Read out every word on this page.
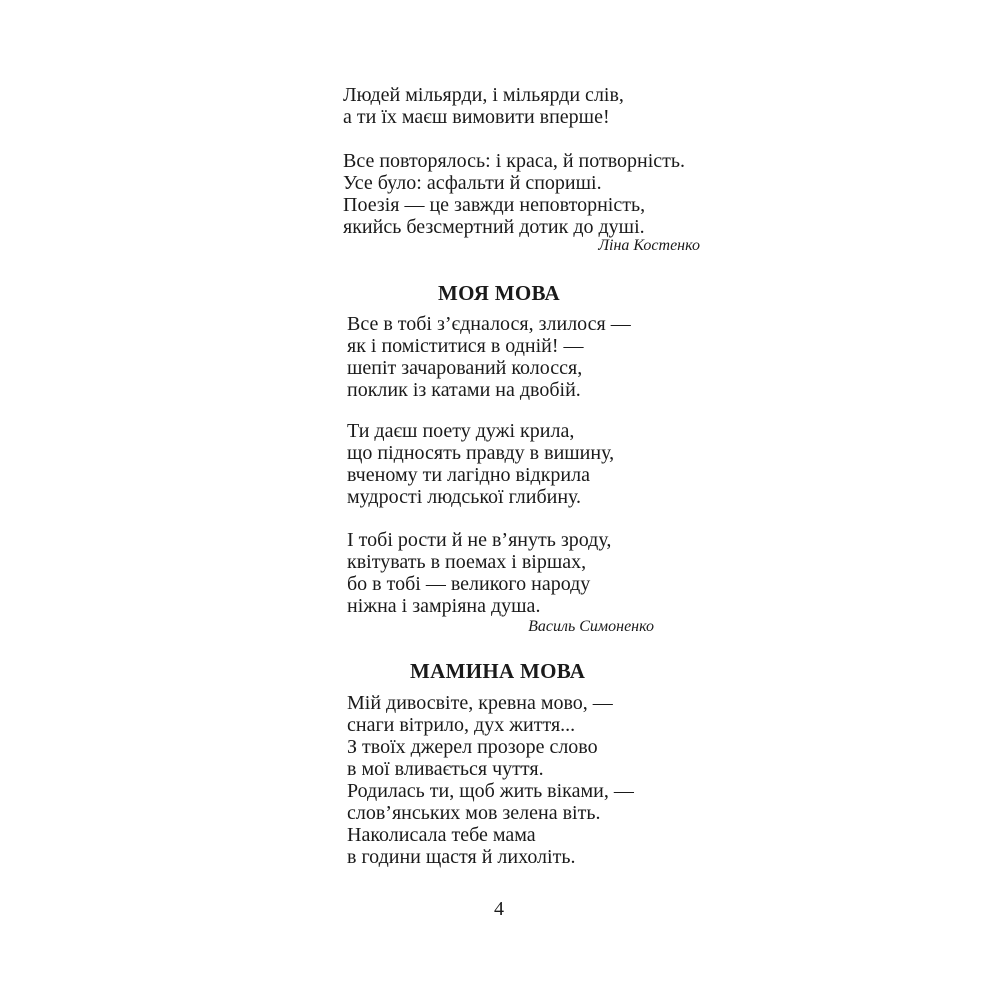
Людей мільярди, і мільярди слів,
а ти їх маєш вимовити вперше!
Все повторялось: і краса, й потворність.
Усе було: асфальти й спориші.
Поезія — це завжди неповторність,
якийсь безсмертний дотик до душі.
Ліна Костенко
МОЯ МОВА
Все в тобі з’єдналося, злилося —
як і поміститися в одній! —
шепіт зачарований колосся,
поклик із катами на двобій.
Ти даєш поету дужі крила,
що підносять правду в вишину,
вченому ти лагідно відкрила
мудрості людської глибину.
І тобі рости й не в’януть зроду,
квітувать в поемах і віршах,
бо в тобі — великого народу
ніжна і замріяна душа.
Василь Симоненко
МАМИНА МОВА
Мій дивосвіте, кревна мово, —
снаги вітрило, дух життя...
З твоїх джерел прозоре слово
в мої вливається чуття.
Родилась ти, щоб жить віками, —
слов’янських мов зелена віть.
Наколисала тебе мама
в години щастя й лихоліть.
4
